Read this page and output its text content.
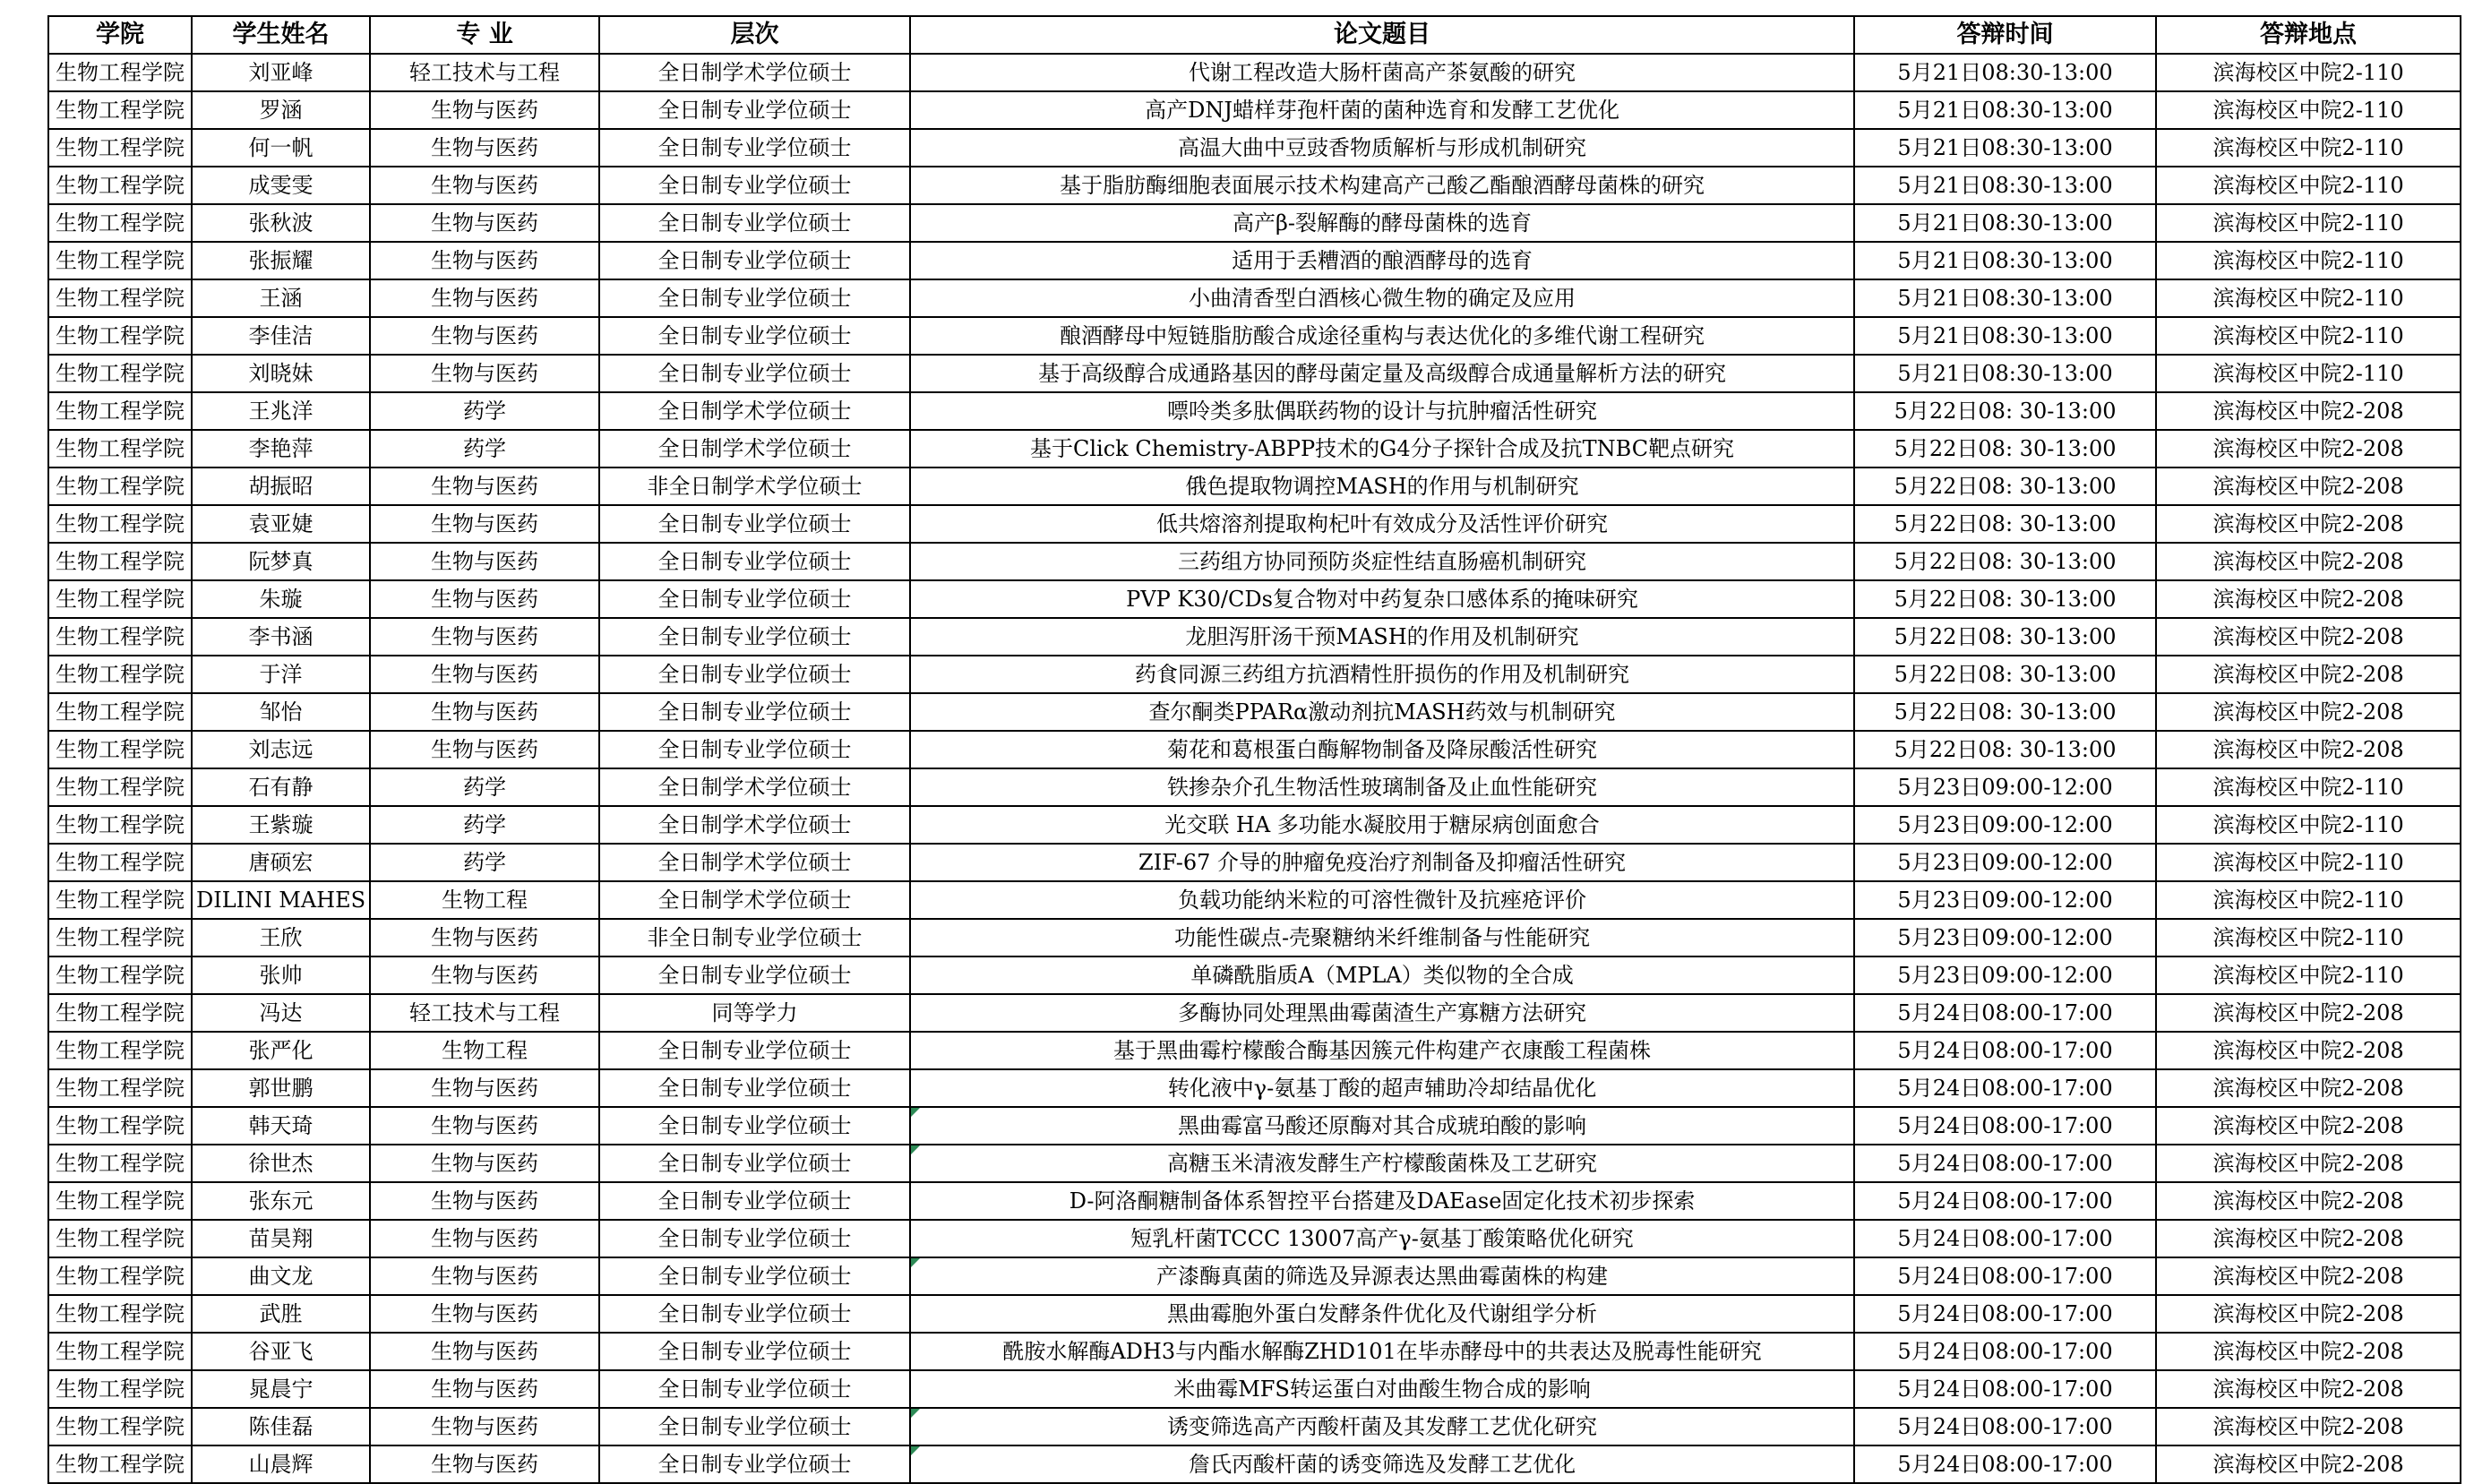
学院	学生姓名	专 业	层次	论文题目	答辩时间	答辩地点
生物工程学院	刘亚峰	轻工技术与工程	全日制学术学位硕士	代谢工程改造大肠杆菌高产茶氨酸的研究	5月21日08:30-13:00	滨海校区中院2-110
生物工程学院	罗涵	生物与医药	全日制专业学位硕士	高产DNJ蜡样芽孢杆菌的菌种选育和发酵工艺优化	5月21日08:30-13:00	滨海校区中院2-110
生物工程学院	何一帆	生物与医药	全日制专业学位硕士	高温大曲中豆豉香物质解析与形成机制研究	5月21日08:30-13:00	滨海校区中院2-110
生物工程学院	成雯雯	生物与医药	全日制专业学位硕士	基于脂肪酶细胞表面展示技术构建高产己酸乙酯酿酒酵母菌株的研究	5月21日08:30-13:00	滨海校区中院2-110
生物工程学院	张秋波	生物与医药	全日制专业学位硕士	高产β-裂解酶的酵母菌株的选育	5月21日08:30-13:00	滨海校区中院2-110
生物工程学院	张振耀	生物与医药	全日制专业学位硕士	适用于丢糟酒的酿酒酵母的选育	5月21日08:30-13:00	滨海校区中院2-110
生物工程学院	王涵	生物与医药	全日制专业学位硕士	小曲清香型白酒核心微生物的确定及应用	5月21日08:30-13:00	滨海校区中院2-110
生物工程学院	李佳洁	生物与医药	全日制专业学位硕士	酿酒酵母中短链脂肪酸合成途径重构与表达优化的多维代谢工程研究	5月21日08:30-13:00	滨海校区中院2-110
生物工程学院	刘晓妹	生物与医药	全日制专业学位硕士	基于高级醇合成通路基因的酵母菌定量及高级醇合成通量解析方法的研究	5月21日08:30-13:00	滨海校区中院2-110
生物工程学院	王兆洋	药学	全日制学术学位硕士	嘌呤类多肽偶联药物的设计与抗肿瘤活性研究	5月22日08: 30-13:00	滨海校区中院2-208
生物工程学院	李艳萍	药学	全日制学术学位硕士	基于Click Chemistry-ABPP技术的G4分子探针合成及抗TNBC靶点研究	5月22日08: 30-13:00	滨海校区中院2-208
生物工程学院	胡振昭	生物与医药	非全日制学术学位硕士	俄色提取物调控MASH的作用与机制研究	5月22日08: 30-13:00	滨海校区中院2-208
生物工程学院	袁亚婕	生物与医药	全日制专业学位硕士	低共熔溶剂提取枸杞叶有效成分及活性评价研究	5月22日08: 30-13:00	滨海校区中院2-208
生物工程学院	阮梦真	生物与医药	全日制专业学位硕士	三药组方协同预防炎症性结直肠癌机制研究	5月22日08: 30-13:00	滨海校区中院2-208
生物工程学院	朱璇	生物与医药	全日制专业学位硕士	PVP K30/CDs复合物对中药复杂口感体系的掩味研究	5月22日08: 30-13:00	滨海校区中院2-208
生物工程学院	李书涵	生物与医药	全日制专业学位硕士	龙胆泻肝汤干预MASH的作用及机制研究	5月22日08: 30-13:00	滨海校区中院2-208
生物工程学院	于洋	生物与医药	全日制专业学位硕士	药食同源三药组方抗酒精性肝损伤的作用及机制研究	5月22日08: 30-13:00	滨海校区中院2-208
生物工程学院	邹怡	生物与医药	全日制专业学位硕士	查尔酮类PPARα激动剂抗MASH药效与机制研究	5月22日08: 30-13:00	滨海校区中院2-208
生物工程学院	刘志远	生物与医药	全日制专业学位硕士	菊花和葛根蛋白酶解物制备及降尿酸活性研究	5月22日08: 30-13:00	滨海校区中院2-208
生物工程学院	石有静	药学	全日制学术学位硕士	铁掺杂介孔生物活性玻璃制备及止血性能研究	5月23日09:00-12:00	滨海校区中院2-110
生物工程学院	王紫璇	药学	全日制学术学位硕士	光交联 HA 多功能水凝胶用于糖尿病创面愈合	5月23日09:00-12:00	滨海校区中院2-110
生物工程学院	唐硕宏	药学	全日制学术学位硕士	ZIF-67 介导的肿瘤免疫治疗剂制备及抑瘤活性研究	5月23日09:00-12:00	滨海校区中院2-110
生物工程学院	DILINI MAHES	生物工程	全日制学术学位硕士	负载功能纳米粒的可溶性微针及抗痤疮评价	5月23日09:00-12:00	滨海校区中院2-110
生物工程学院	王欣	生物与医药	非全日制专业学位硕士	功能性碳点-壳聚糖纳米纤维制备与性能研究	5月23日09:00-12:00	滨海校区中院2-110
生物工程学院	张帅	生物与医药	全日制专业学位硕士	单磷酰脂质A（MPLA）类似物的全合成	5月23日09:00-12:00	滨海校区中院2-110
生物工程学院	冯达	轻工技术与工程	同等学力	多酶协同处理黑曲霉菌渣生产寡糖方法研究	5月24日08:00-17:00	滨海校区中院2-208
生物工程学院	张严化	生物工程	全日制专业学位硕士	基于黑曲霉柠檬酸合酶基因簇元件构建产衣康酸工程菌株	5月24日08:00-17:00	滨海校区中院2-208
生物工程学院	郭世鹏	生物与医药	全日制专业学位硕士	转化液中γ-氨基丁酸的超声辅助冷却结晶优化	5月24日08:00-17:00	滨海校区中院2-208
生物工程学院	韩天琦	生物与医药	全日制专业学位硕士	黑曲霉富马酸还原酶对其合成琥珀酸的影响	5月24日08:00-17:00	滨海校区中院2-208
生物工程学院	徐世杰	生物与医药	全日制专业学位硕士	高糖玉米清液发酵生产柠檬酸菌株及工艺研究	5月24日08:00-17:00	滨海校区中院2-208
生物工程学院	张东元	生物与医药	全日制专业学位硕士	D-阿洛酮糖制备体系智控平台搭建及DAEase固定化技术初步探索	5月24日08:00-17:00	滨海校区中院2-208
生物工程学院	苗昊翔	生物与医药	全日制专业学位硕士	短乳杆菌TCCC 13007高产γ-氨基丁酸策略优化研究	5月24日08:00-17:00	滨海校区中院2-208
生物工程学院	曲文龙	生物与医药	全日制专业学位硕士	产漆酶真菌的筛选及异源表达黑曲霉菌株的构建	5月24日08:00-17:00	滨海校区中院2-208
生物工程学院	武胜	生物与医药	全日制专业学位硕士	黑曲霉胞外蛋白发酵条件优化及代谢组学分析	5月24日08:00-17:00	滨海校区中院2-208
生物工程学院	谷亚飞	生物与医药	全日制专业学位硕士	酰胺水解酶ADH3与内酯水解酶ZHD101在毕赤酵母中的共表达及脱毒性能研究	5月24日08:00-17:00	滨海校区中院2-208
生物工程学院	晁晨宁	生物与医药	全日制专业学位硕士	米曲霉MFS转运蛋白对曲酸生物合成的影响	5月24日08:00-17:00	滨海校区中院2-208
生物工程学院	陈佳磊	生物与医药	全日制专业学位硕士	诱变筛选高产丙酸杆菌及其发酵工艺优化研究	5月24日08:00-17:00	滨海校区中院2-208
生物工程学院	山晨辉	生物与医药	全日制专业学位硕士	詹氏丙酸杆菌的诱变筛选及发酵工艺优化	5月24日08:00-17:00	滨海校区中院2-208
